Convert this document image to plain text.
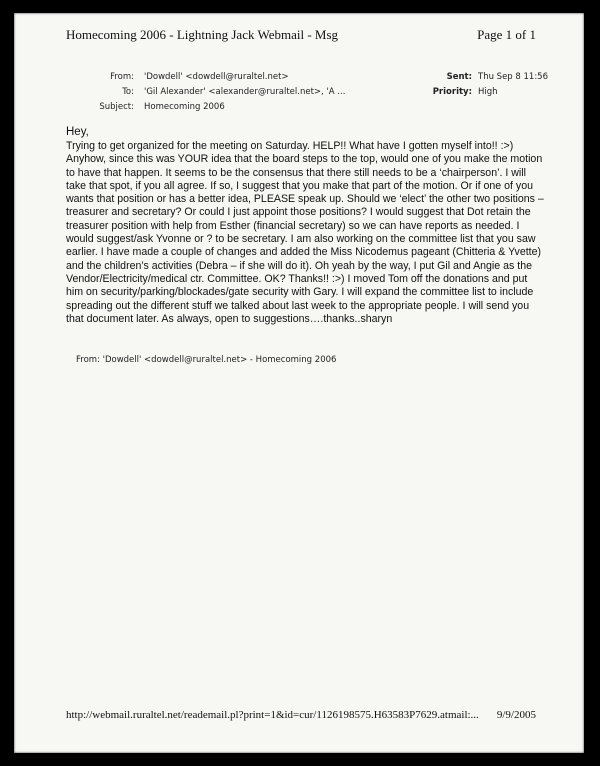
Homecoming 2006 - Lightning Jack Webmail - Msg	Page 1 of 1
From: 'Dowdell' <dowdell@ruraltel.net>
To: 'Gil Alexander' <alexander@ruraltel.net>, 'A ...
Subject: Homecoming 2006
Sent: Thu Sep 8 11:56
Priority: High
Hey,
Trying to get organized for the meeting on Saturday. HELP!! What have I gotten myself into!! :>) Anyhow, since this was YOUR idea that the board steps to the top, would one of you make the motion to have that happen. It seems to be the consensus that there still needs to be a ‘chairperson’. I will take that spot, if you all agree. If so, I suggest that you make that part of the motion. Or if one of you wants that position or has a better idea, PLEASE speak up. Should we ‘elect’ the other two positions – treasurer and secretary? Or could I just appoint those positions? I would suggest that Dot retain the treasurer position with help from Esther (financial secretary) so we can have reports as needed. I would suggest/ask Yvonne or ? to be secretary. I am also working on the committee list that you saw earlier. I have made a couple of changes and added the Miss Nicodemus pageant (Chitteria & Yvette) and the children’s activities (Debra – if she will do it). Oh yeah by the way, I put Gil and Angie as the Vendor/Electricity/medical ctr. Committee. OK? Thanks!! :>) I moved Tom off the donations and put him on security/parking/blockades/gate security with Gary. I will expand the committee list to include spreading out the different stuff we talked about last week to the appropriate people. I will send you that document later. As always, open to suggestions….thanks..sharyn
From: 'Dowdell' <dowdell@ruraltel.net> - Homecoming 2006
http://webmail.ruraltel.net/reademail.pl?print=1&id=cur/1126198575.H63583P7629.atmail:... 9/9/2005
